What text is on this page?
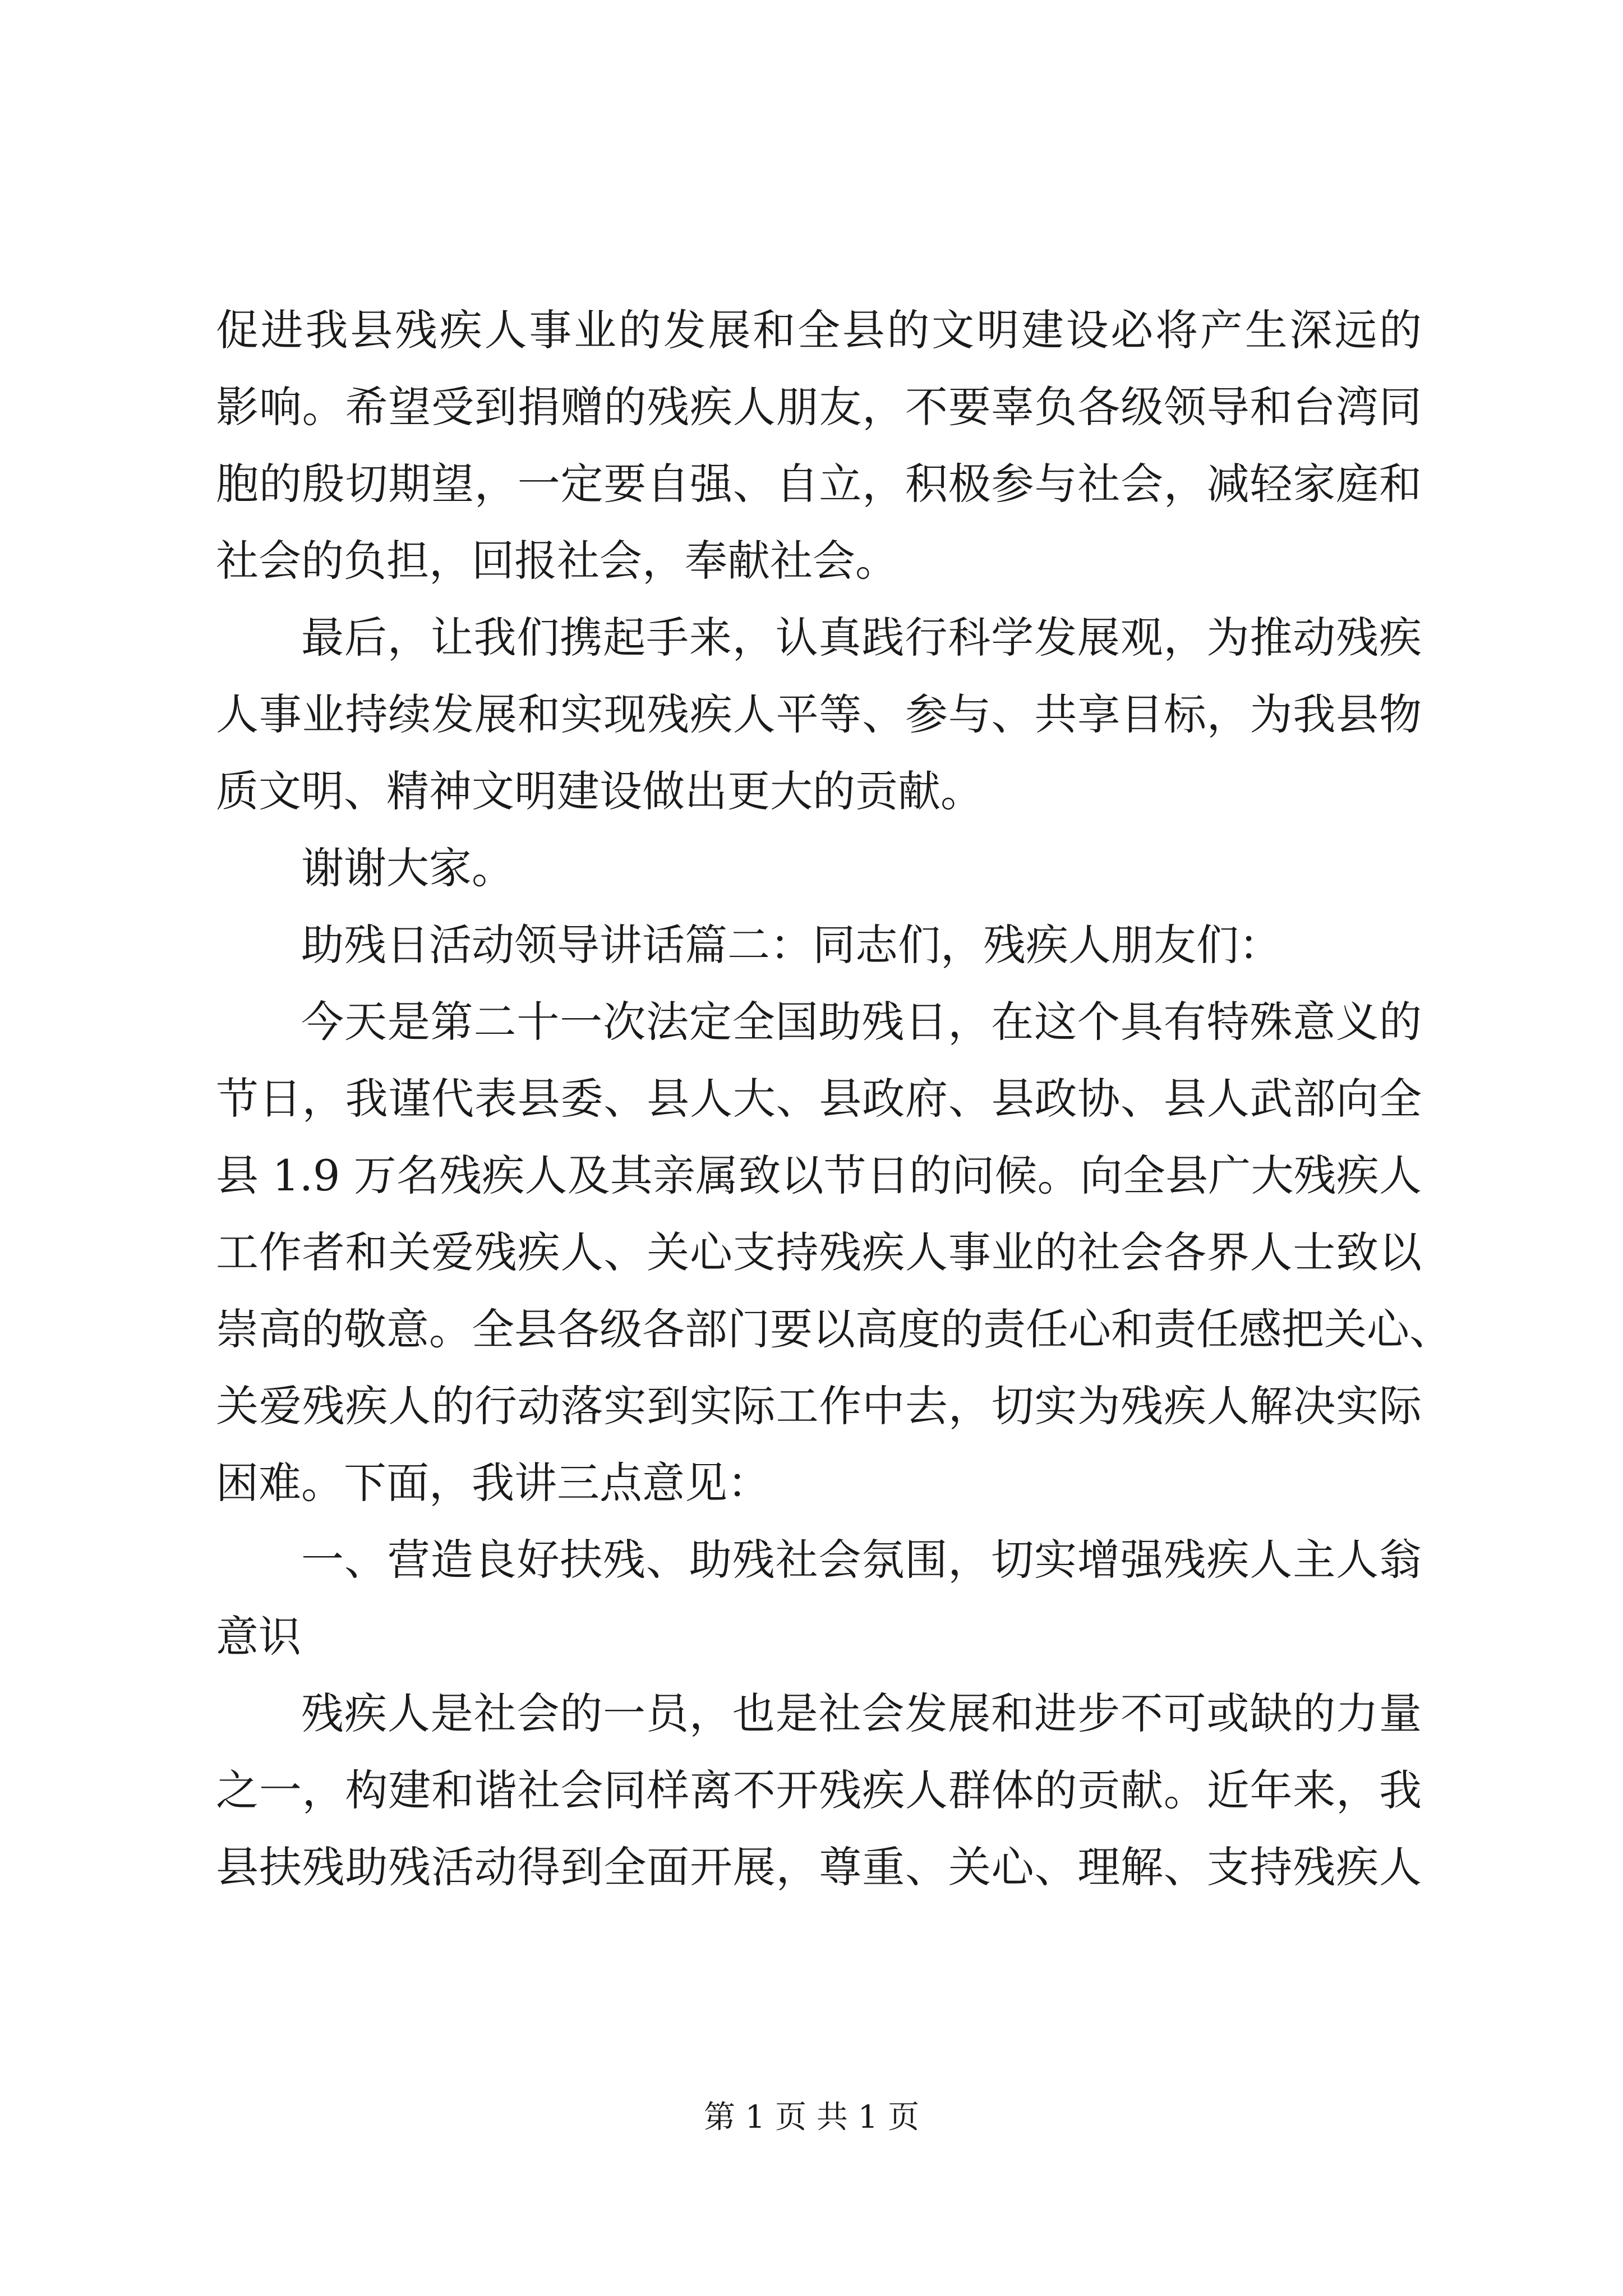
促进我县残疾人事业的发展和全县的文明建设必将产生深远的
影响。希望受到捐赠的残疾人朋友，不要辜负各级领导和台湾同
胞的殷切期望，一定要自强、自立，积极参与社会，减轻家庭和
社会的负担，回报社会，奉献社会。
最后，让我们携起手来，认真践行科学发展观，为推动残疾
人事业持续发展和实现残疾人平等、参与、共享目标，为我县物
质文明、精神文明建设做出更大的贡献。
谢谢大家。
助残日活动领导讲话篇二：同志们，残疾人朋友们：
今天是第二十一次法定全国助残日，在这个具有特殊意义的
节日，我谨代表县委、县人大、县政府、县政协、县人武部向全
县 1.9 万名残疾人及其亲属致以节日的问候。向全县广大残疾人
工作者和关爱残疾人、关心支持残疾人事业的社会各界人士致以
崇高的敬意。全县各级各部门要以高度的责任心和责任感把关心、
关爱残疾人的行动落实到实际工作中去，切实为残疾人解决实际
困难。下面，我讲三点意见：
一、营造良好扶残、助残社会氛围，切实增强残疾人主人翁
意识
残疾人是社会的一员，也是社会发展和进步不可或缺的力量
之一，构建和谐社会同样离不开残疾人群体的贡献。近年来，我
县扶残助残活动得到全面开展，尊重、关心、理解、支持残疾人
第 1 页 共 1 页
